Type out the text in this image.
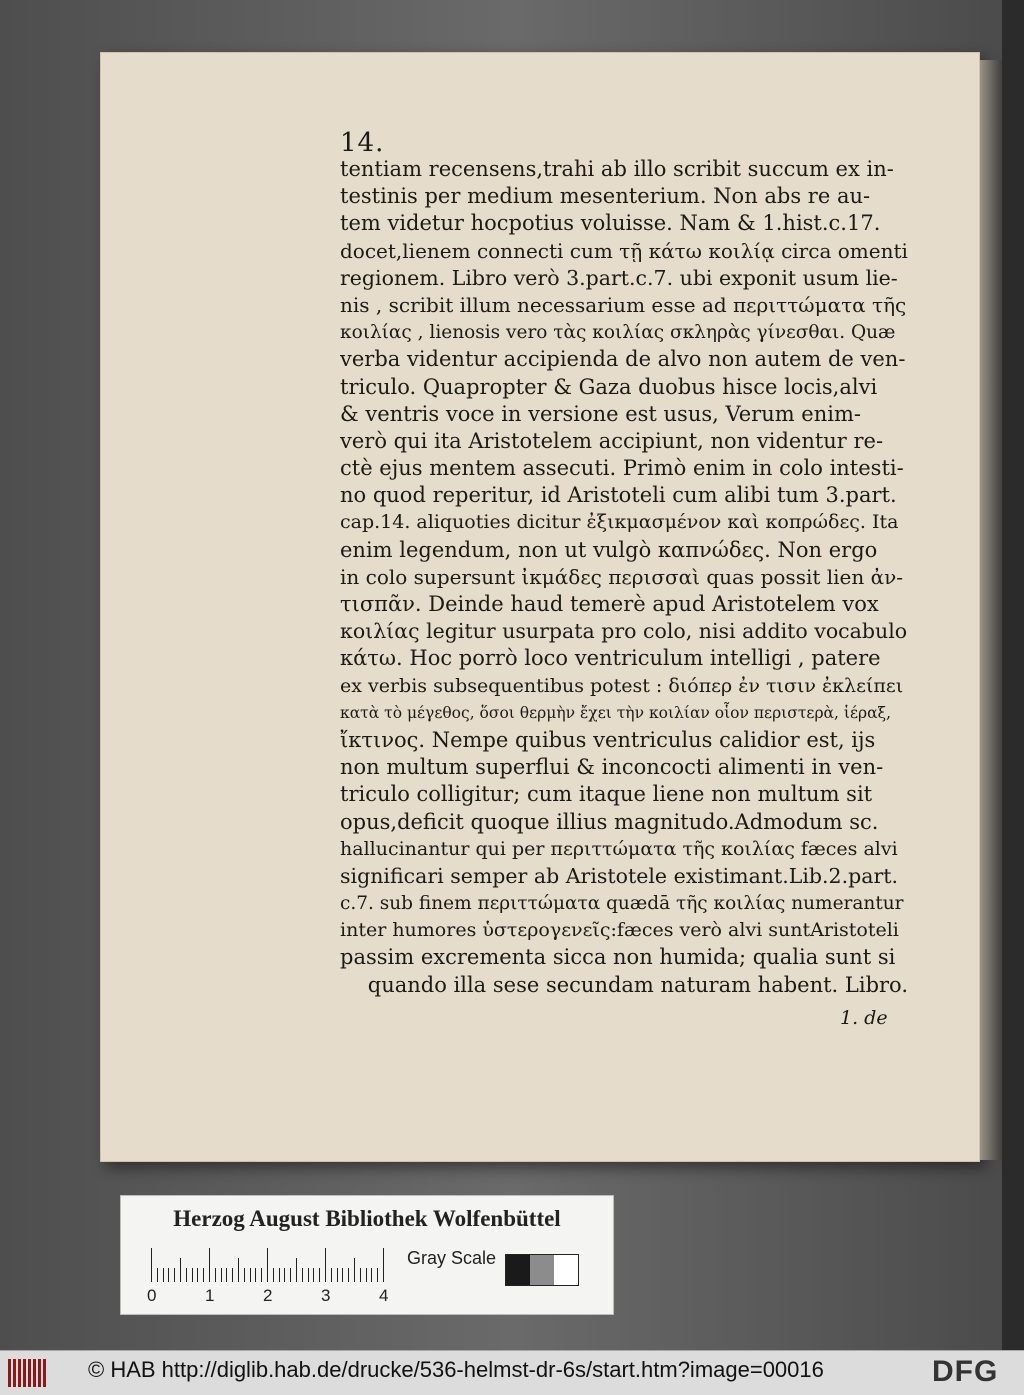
14.
tentiam recensens,trahi ab illo scribit succum ex in-
testinis per medium mesenterium. Non abs re au-
tem videtur hocpotius voluisse. Nam & 1.hist.c.17.
docet,lienem connecti cum τῇ κάτω κοιλίᾳ circa omenti
regionem. Libro verò 3.part.c.7. ubi exponit usum lie-
nis , scribit illum necessarium esse ad περιττώματα τῆς
κοιλίας , lienosis vero τὰς κοιλίας σκληρὰς γίνεσθαι. Quæ
verba videntur accipienda de alvo non autem de ven-
triculo. Quapropter & Gaza duobus hisce locis,alvi
& ventris voce in versione est usus, Verum enim-
verò qui ita Aristotelem accipiunt, non videntur re-
ctè ejus mentem assecuti. Primò enim in colo intesti-
no quod reperitur, id Aristoteli cum alibi tum 3.part.
cap.14. aliquoties dicitur ἐξικμασμένον καὶ κοπρώδες. Ita
enim legendum, non ut vulgò καπνώδες. Non ergo
in colo supersunt ἰκμάδες περισσαὶ quas possit lien ἀν-
τισπᾶν. Deinde haud temerè apud Aristotelem vox
κοιλίας legitur usurpata pro colo, nisi addito vocabulo
κάτω. Hoc porrò loco ventriculum intelligi , patere
ex verbis subsequentibus potest : διόπερ ἐν τισιν ἐκλείπει
κατὰ τὸ μέγεθος, ὅσοι θερμὴν ἔχει τὴν κοιλίαν οἷον περιστερὰ, ἱέραξ,
ἴκτινος. Nempe quibus ventriculus calidior est, ijs
non multum superflui & inconcocti alimenti in ven-
triculo colligitur; cum itaque liene non multum sit
opus,deficit quoque illius magnitudo.Admodum sc.
hallucinantur qui per περιττώματα τῆς κοιλίας fæces alvi
significari semper ab Aristotele existimant.Lib.2.part.
c.7. sub finem περιττώματα quædā τῆς κοιλίας numerantur
inter humores ὑστερογενεῖς:fæces verò alvi suntAristoteli
passim excrementa sicca non humida; qualia sunt si
quando illa sese secundam naturam habent. Libro.
1. de
Herzog August Bibliothek Wolfenbüttel
0	1	2	3	4
Gray Scale
© HAB http://diglib.hab.de/drucke/536-helmst-dr-6s/start.htm?image=00016	DFG
